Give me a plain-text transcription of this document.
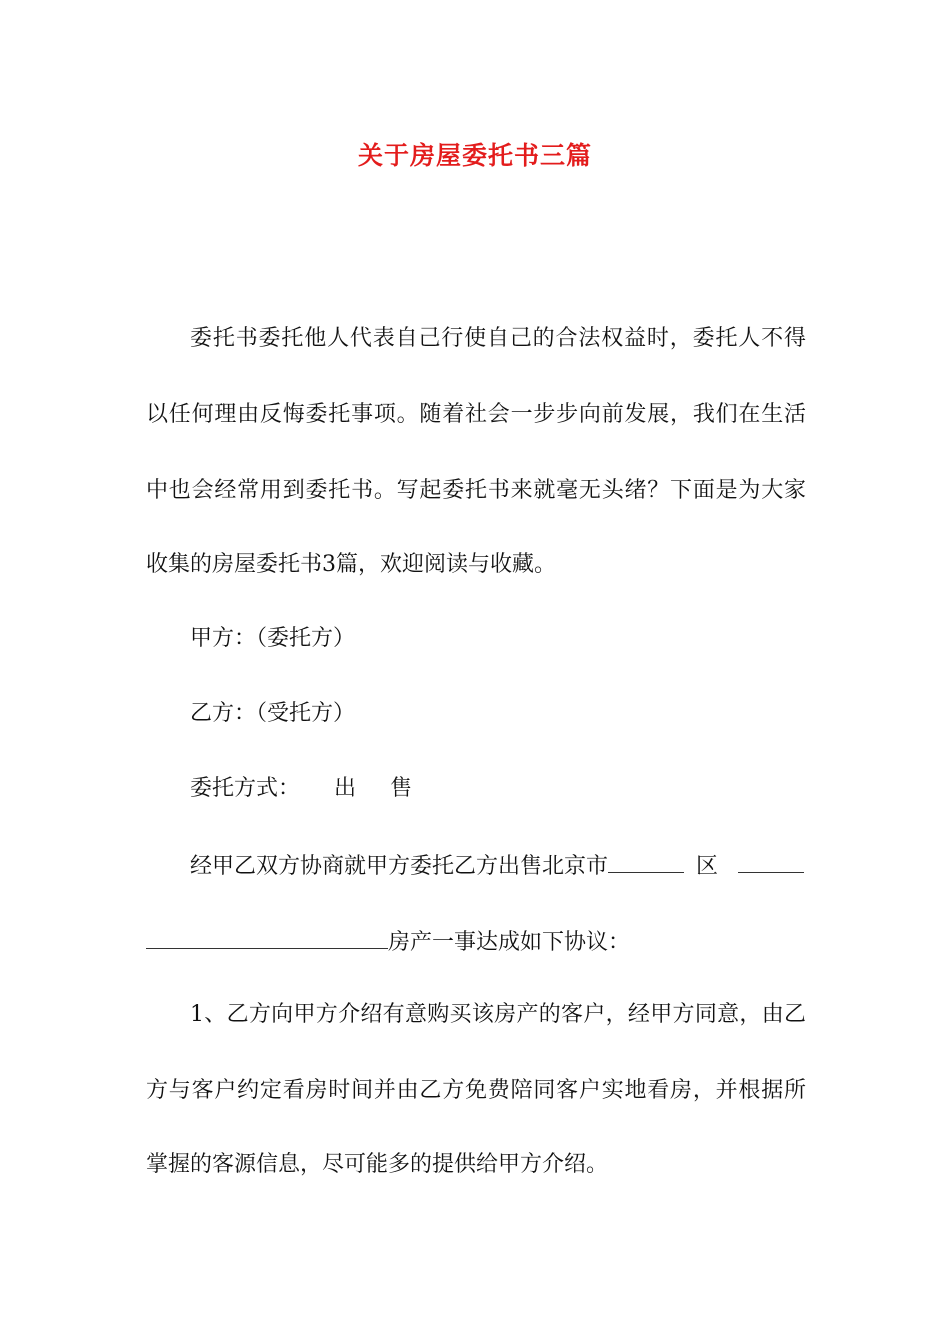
关于房屋委托书三篇
委托书委托他人代表自己行使自己的合法权益时，委托人不得
以任何理由反悔委托事项。随着社会一步步向前发展，我们在生活
中也会经常用到委托书。写起委托书来就毫无头绪？下面是为大家
收集的房屋委托书3篇，欢迎阅读与收藏。
甲方：（委托方）
乙方：（受托方）
委托方式： 出 售
经甲乙双方协商就甲方委托乙方出售北京市	区
房产一事达成如下协议：
1、乙方向甲方介绍有意购买该房产的客户，经甲方同意，由乙
方与客户约定看房时间并由乙方免费陪同客户实地看房，并根据所
掌握的客源信息，尽可能多的提供给甲方介绍。
